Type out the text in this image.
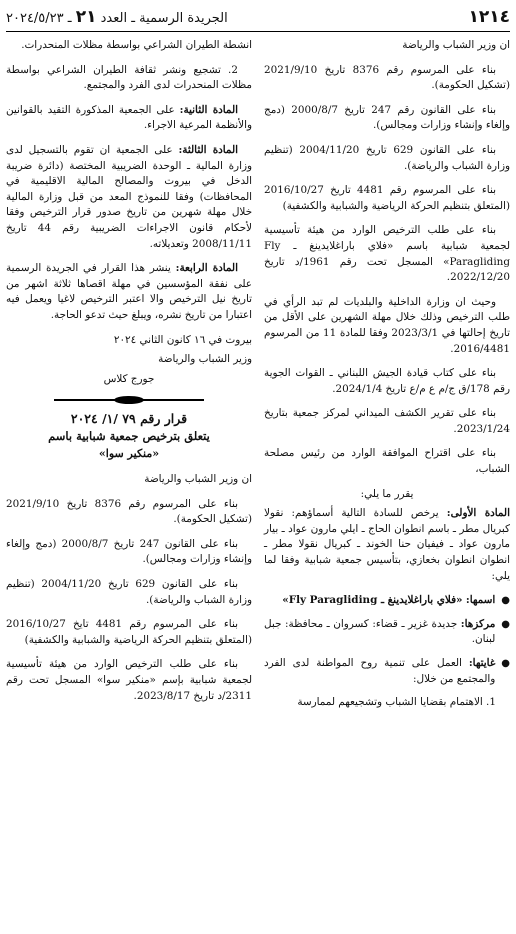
١٢١٤
الجريدة الرسمية ـ العدد ٢١ ـ ٢٠٢٤/٥/٢٣

ان وزير الشباب والرياضة

بناء على المرسوم رقم 8376 تاريخ 2021/9/10 (تشكيل الحكومة).

بناء على القانون رقم 247 تاريخ 2000/8/7 (دمج وإلغاء وإنشاء وزارات ومجالس).

بناء على القانون 629 تاريخ 2004/11/20 (تنظيم وزارة الشباب والرياضة).

بناء على المرسوم رقم 4481 تاريخ 2016/10/27 (المتعلق بتنظيم الحركة الرياضية والشبابية والكشفية)

بناء على طلب الترخيص الوارد من هيئة تأسيسية لجمعية شبابية باسم «فلاي باراغلايدينغ ـ Fly Paragliding» المسجل تحت رقم 1961/د تاريخ 2022/12/20.

وحيث ان وزارة الداخلية والبلديات لم تبد الرأي في طلب الترخيص وذلك خلال مهلة الشهرين على الأقل من تاريخ إحالتها في 2023/3/1 وفقا للمادة 11 من المرسوم 2016/4481.

بناء على كتاب قيادة الجيش اللبناني ـ القوات الجوية رقم 178/ق ج/م ع م/ع تاريخ 2024/1/4.

بناء على تقرير الكشف الميداني لمركز جمعية بتاريخ 2023/1/24.

بناء على اقتراح الموافقة الوارد من رئيس مصلحة الشباب،

يقرر ما يلي:

المادة الأولى: يرخص للسادة التالية أسماؤهم: نقولا كبريال مطر ـ باسم انطوان الحاج ـ ايلي مارون عواد ـ بيار مارون عواد ـ فيفيان حنا الخوند ـ كبريال نقولا مطر ـ انطوان انطوان بخعازي، بتأسيس جمعية شبابية وفقا لما يلي:

●
اسمها: «فلاي باراغلايدينغ ـ Fly Paragliding»
●
مركزها: جديدة غزير ـ قضاء: كسروان ـ محافظة: جبل لبنان.
●
غايتها: العمل على تنمية روح المواطنة لدى الفرد والمجتمع من خلال:

1. الاهتمام بقضايا الشباب وتشجيعهم لممارسة

انشطة الطيران الشراعي بواسطة مظلات المنحدرات.

2. تشجيع ونشر ثقافة الطيران الشراعي بواسطة مظلات المنحدرات لدى الفرد والمجتمع.

المادة الثانية: على الجمعية المذكورة التقيد بالقوانين والأنظمة المرعية الاجراء.

المادة الثالثة: على الجمعية ان تقوم بالتسجيل لدى وزارة المالية ـ الوحدة الضريبية المختصة (دائرة ضريبة الدخل في بيروت والمصالح المالية الاقليمية في المحافظات) وفقا للنموذج المعد من قبل وزارة المالية خلال مهلة شهرين من تاريخ صدور قرار الترخيص وفقا لأحكام قانون الاجراءات الضريبية رقم 44 تاريخ 2008/11/11 وتعديلاته.

المادة الرابعة: ينشر هذا القرار في الجريدة الرسمية على نفقة المؤسسين في مهلة اقصاها ثلاثة اشهر من تاريخ نيل الترخيص والا اعتبر الترخيص لاغيا ويعمل فيه اعتبارا من تاريخ نشره، ويبلغ حيث تدعو الحاجة.

بيروت في ١٦ كانون الثاني ٢٠٢٤

وزير الشباب والرياضة

جورج كلاس

قرار رقم ٧٩ /١/ ٢٠٢٤
يتعلق بترخيص جمعية شبابية باسم
«منكير سوا»

ان وزير الشباب والرياضة

بناء على المرسوم رقم 8376 تاريخ 2021/9/10 (تشكيل الحكومة).

بناء على القانون 247 تاريخ 2000/8/7 (دمج وإلغاء وإنشاء وزارات ومجالس).

بناء على القانون 629 تاريخ 2004/11/20 (تنظيم وزارة الشباب والرياضة).

بناء على المرسوم رقم 4481 تايخ 2016/10/27 (المتعلق بتنظيم الحركة الرياضية والشبابية والكشفية)

بناء على طلب الترخيص الوارد من هيئة تأسيسية لجمعية شبابية بإسم «منكير سوا» المسجل تحت رقم 2311/د تاريخ 2023/8/17.
